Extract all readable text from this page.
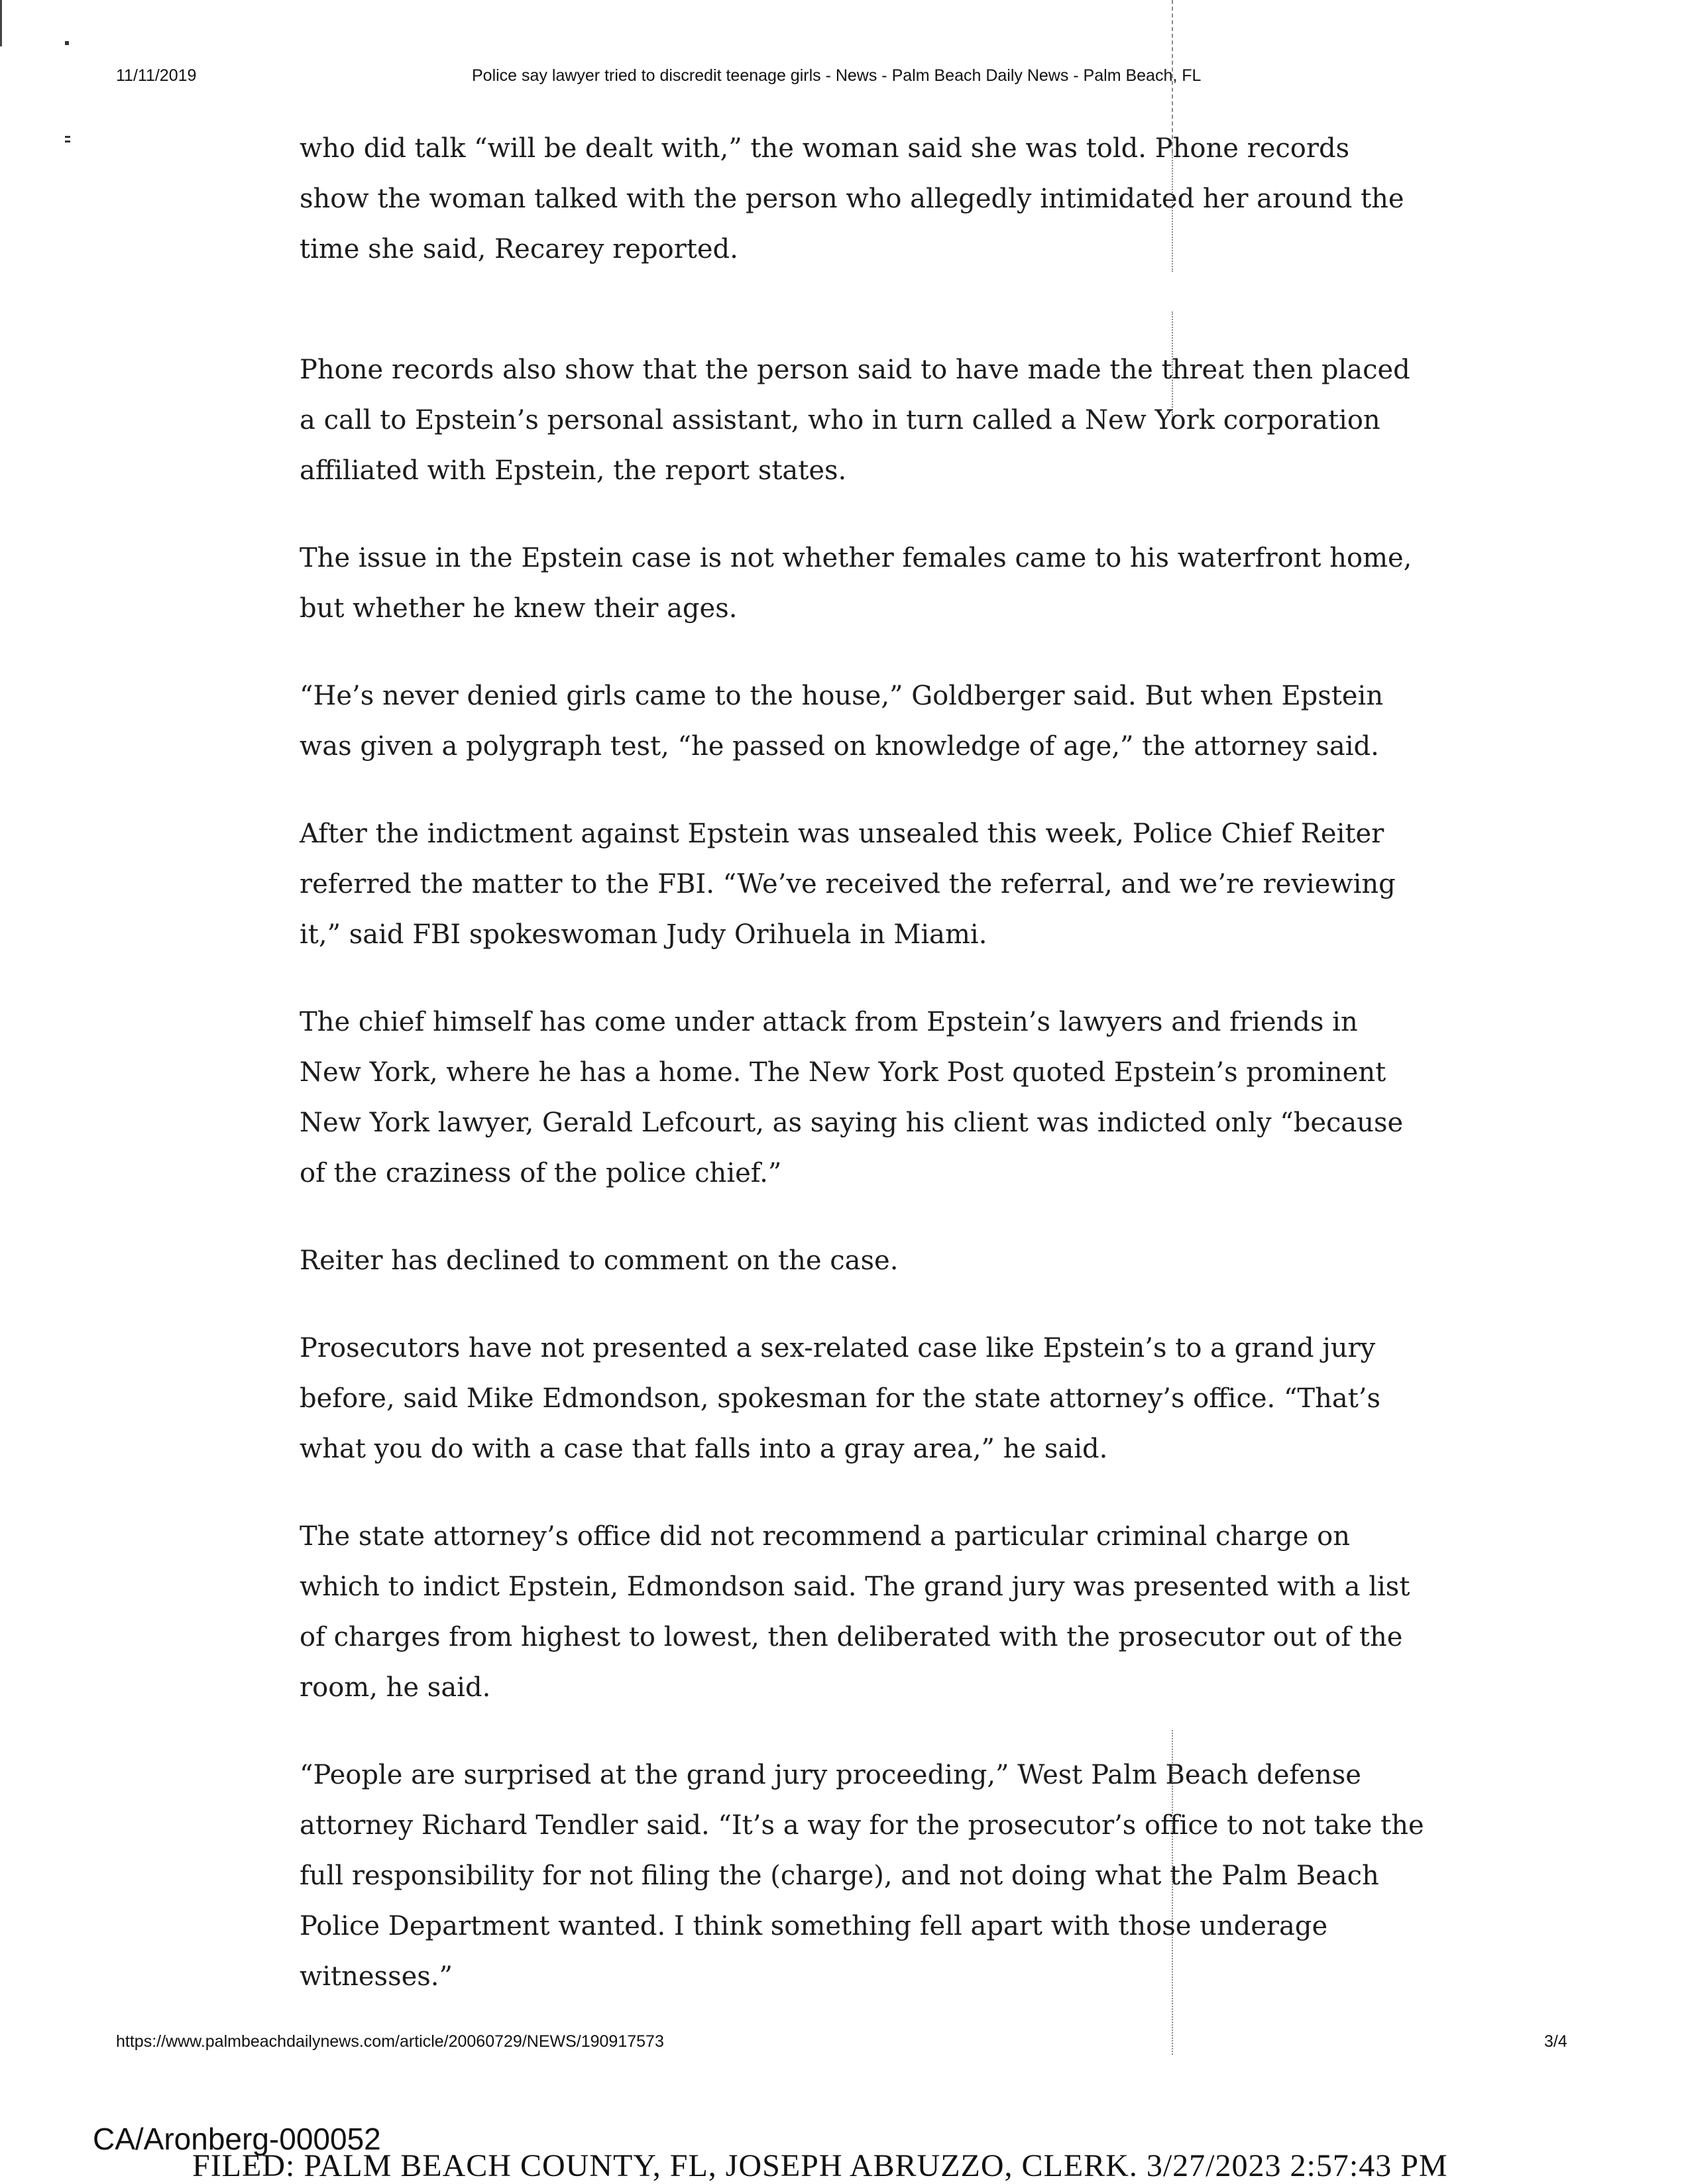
11/11/2019	Police say lawyer tried to discredit teenage girls - News - Palm Beach Daily News - Palm Beach, FL

who did talk “will be dealt with,” the woman said she was told. Phone records show the woman talked with the person who allegedly intimidated her around the time she said, Recarey reported.

Phone records also show that the person said to have made the threat then placed a call to Epstein’s personal assistant, who in turn called a New York corporation affiliated with Epstein, the report states.

The issue in the Epstein case is not whether females came to his waterfront home, but whether he knew their ages.

“He’s never denied girls came to the house,” Goldberger said. But when Epstein was given a polygraph test, “he passed on knowledge of age,” the attorney said.

After the indictment against Epstein was unsealed this week, Police Chief Reiter referred the matter to the FBI. “We’ve received the referral, and we’re reviewing it,” said FBI spokeswoman Judy Orihuela in Miami.

The chief himself has come under attack from Epstein’s lawyers and friends in New York, where he has a home. The New York Post quoted Epstein’s prominent New York lawyer, Gerald Lefcourt, as saying his client was indicted only “because of the craziness of the police chief.”

Reiter has declined to comment on the case.

Prosecutors have not presented a sex-related case like Epstein’s to a grand jury before, said Mike Edmondson, spokesman for the state attorney’s office. “That’s what you do with a case that falls into a gray area,” he said.

The state attorney’s office did not recommend a particular criminal charge on which to indict Epstein, Edmondson said. The grand jury was presented with a list of charges from highest to lowest, then deliberated with the prosecutor out of the room, he said.

“People are surprised at the grand jury proceeding,” West Palm Beach defense attorney Richard Tendler said. “It’s a way for the prosecutor’s office to not take the full responsibility for not filing the (charge), and not doing what the Palm Beach Police Department wanted. I think something fell apart with those underage witnesses.”

https://www.palmbeachdailynews.com/article/20060729/NEWS/190917573	3/4
CA/Aronberg-000052
FILED: PALM BEACH COUNTY, FL, JOSEPH ABRUZZO, CLERK. 3/27/2023 2:57:43 PM
